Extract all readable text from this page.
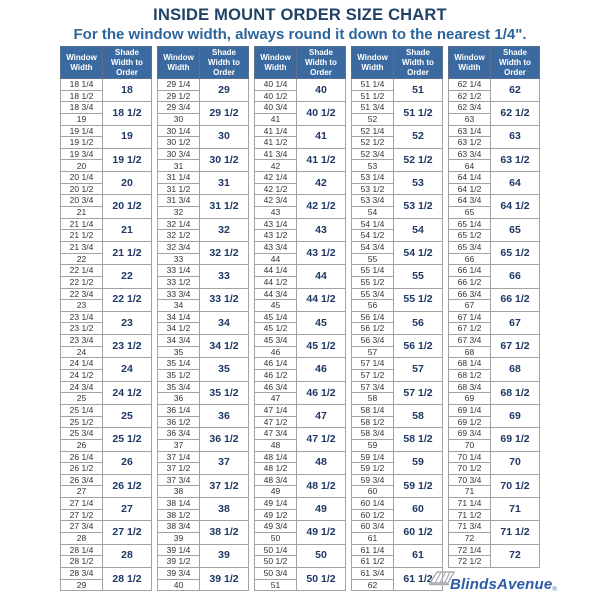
INSIDE MOUNT ORDER SIZE CHART
For the window width, always round it down to the nearest 1/4".
Window Width	Shade Width to Order
18 1/4	18
18 1/2	
18 3/4	18 1/2
19	
19 1/4	19
19 1/2	
19 3/4	19 1/2
20	
20 1/4	20
20 1/2	
20 3/4	20 1/2
21	
21 1/4	21
21 1/2	
21 3/4	21 1/2
22	
22 1/4	22
22 1/2	
22 3/4	22 1/2
23	
23 1/4	23
23 1/2	
23 3/4	23 1/2
24	
24 1/4	24
24 1/2	
24 3/4	24 1/2
25	
25 1/4	25
25 1/2	
25 3/4	25 1/2
26	
26 1/4	26
26 1/2	
26 3/4	26 1/2
27	
27 1/4	27
27 1/2	
27 3/4	27 1/2
28	
28 1/4	28
28 1/2	
28 3/4	28 1/2
29	
Window Width	Shade Width to Order
29 1/4	29
29 1/2	
29 3/4	29 1/2
30	
30 1/4	30
30 1/2	
30 3/4	30 1/2
31	
31 1/4	31
31 1/2	
31 3/4	31 1/2
32	
32 1/4	32
32 1/2	
32 3/4	32 1/2
33	
33 1/4	33
33 1/2	
33 3/4	33 1/2
34	
34 1/4	34
34 1/2	
34 3/4	34 1/2
35	
35 1/4	35
35 1/2	
35 3/4	35 1/2
36	
36 1/4	36
36 1/2	
36 3/4	36 1/2
37	
37 1/4	37
37 1/2	
37 3/4	37 1/2
38	
38 1/4	38
38 1/2	
38 3/4	38 1/2
39	
39 1/4	39
39 1/2	
39 3/4	39 1/2
40	
Window Width	Shade Width to Order
40 1/4	40
40 1/2	
40 3/4	40 1/2
41	
41 1/4	41
41 1/2	
41 3/4	41 1/2
42	
42 1/4	42
42 1/2	
42 3/4	42 1/2
43	
43 1/4	43
43 1/2	
43 3/4	43 1/2
44	
44 1/4	44
44 1/2	
44 3/4	44 1/2
45	
45 1/4	45
45 1/2	
45 3/4	45 1/2
46	
46 1/4	46
46 1/2	
46 3/4	46 1/2
47	
47 1/4	47
47 1/2	
47 3/4	47 1/2
48	
48 1/4	48
48 1/2	
48 3/4	48 1/2
49	
49 1/4	49
49 1/2	
49 3/4	49 1/2
50	
50 1/4	50
50 1/2	
50 3/4	50 1/2
51	
Window Width	Shade Width to Order
51 1/4	51
51 1/2	
51 3/4	51 1/2
52	
52 1/4	52
52 1/2	
52 3/4	52 1/2
53	
53 1/4	53
53 1/2	
53 3/4	53 1/2
54	
54 1/4	54
54 1/2	
54 3/4	54 1/2
55	
55 1/4	55
55 1/2	
55 3/4	55 1/2
56	
56 1/4	56
56 1/2	
56 3/4	56 1/2
57	
57 1/4	57
57 1/2	
57 3/4	57 1/2
58	
58 1/4	58
58 1/2	
58 3/4	58 1/2
59	
59 1/4	59
59 1/2	
59 3/4	59 1/2
60	
60 1/4	60
60 1/2	
60 3/4	60 1/2
61	
61 1/4	61
61 1/2	
61 3/4	61 1/2
62	
Window Width	Shade Width to Order
62 1/4	62
62 1/2	
62 3/4	62 1/2
63	
63 1/4	63
63 1/2	
63 3/4	63 1/2
64	
64 1/4	64
64 1/2	
64 3/4	64 1/2
65	
65 1/4	65
65 1/2	
65 3/4	65 1/2
66	
66 1/4	66
66 1/2	
66 3/4	66 1/2
67	
67 1/4	67
67 1/2	
67 3/4	67 1/2
68	
68 1/4	68
68 1/2	
68 3/4	68 1/2
69	
69 1/4	69
69 1/2	
69 3/4	69 1/2
70	
70 1/4	70
70 1/2	
70 3/4	70 1/2
71	
71 1/4	71
71 1/2	
71 3/4	71 1/2
72	
72 1/4	72
72 1/2	
BlindsAvenue$_®$
